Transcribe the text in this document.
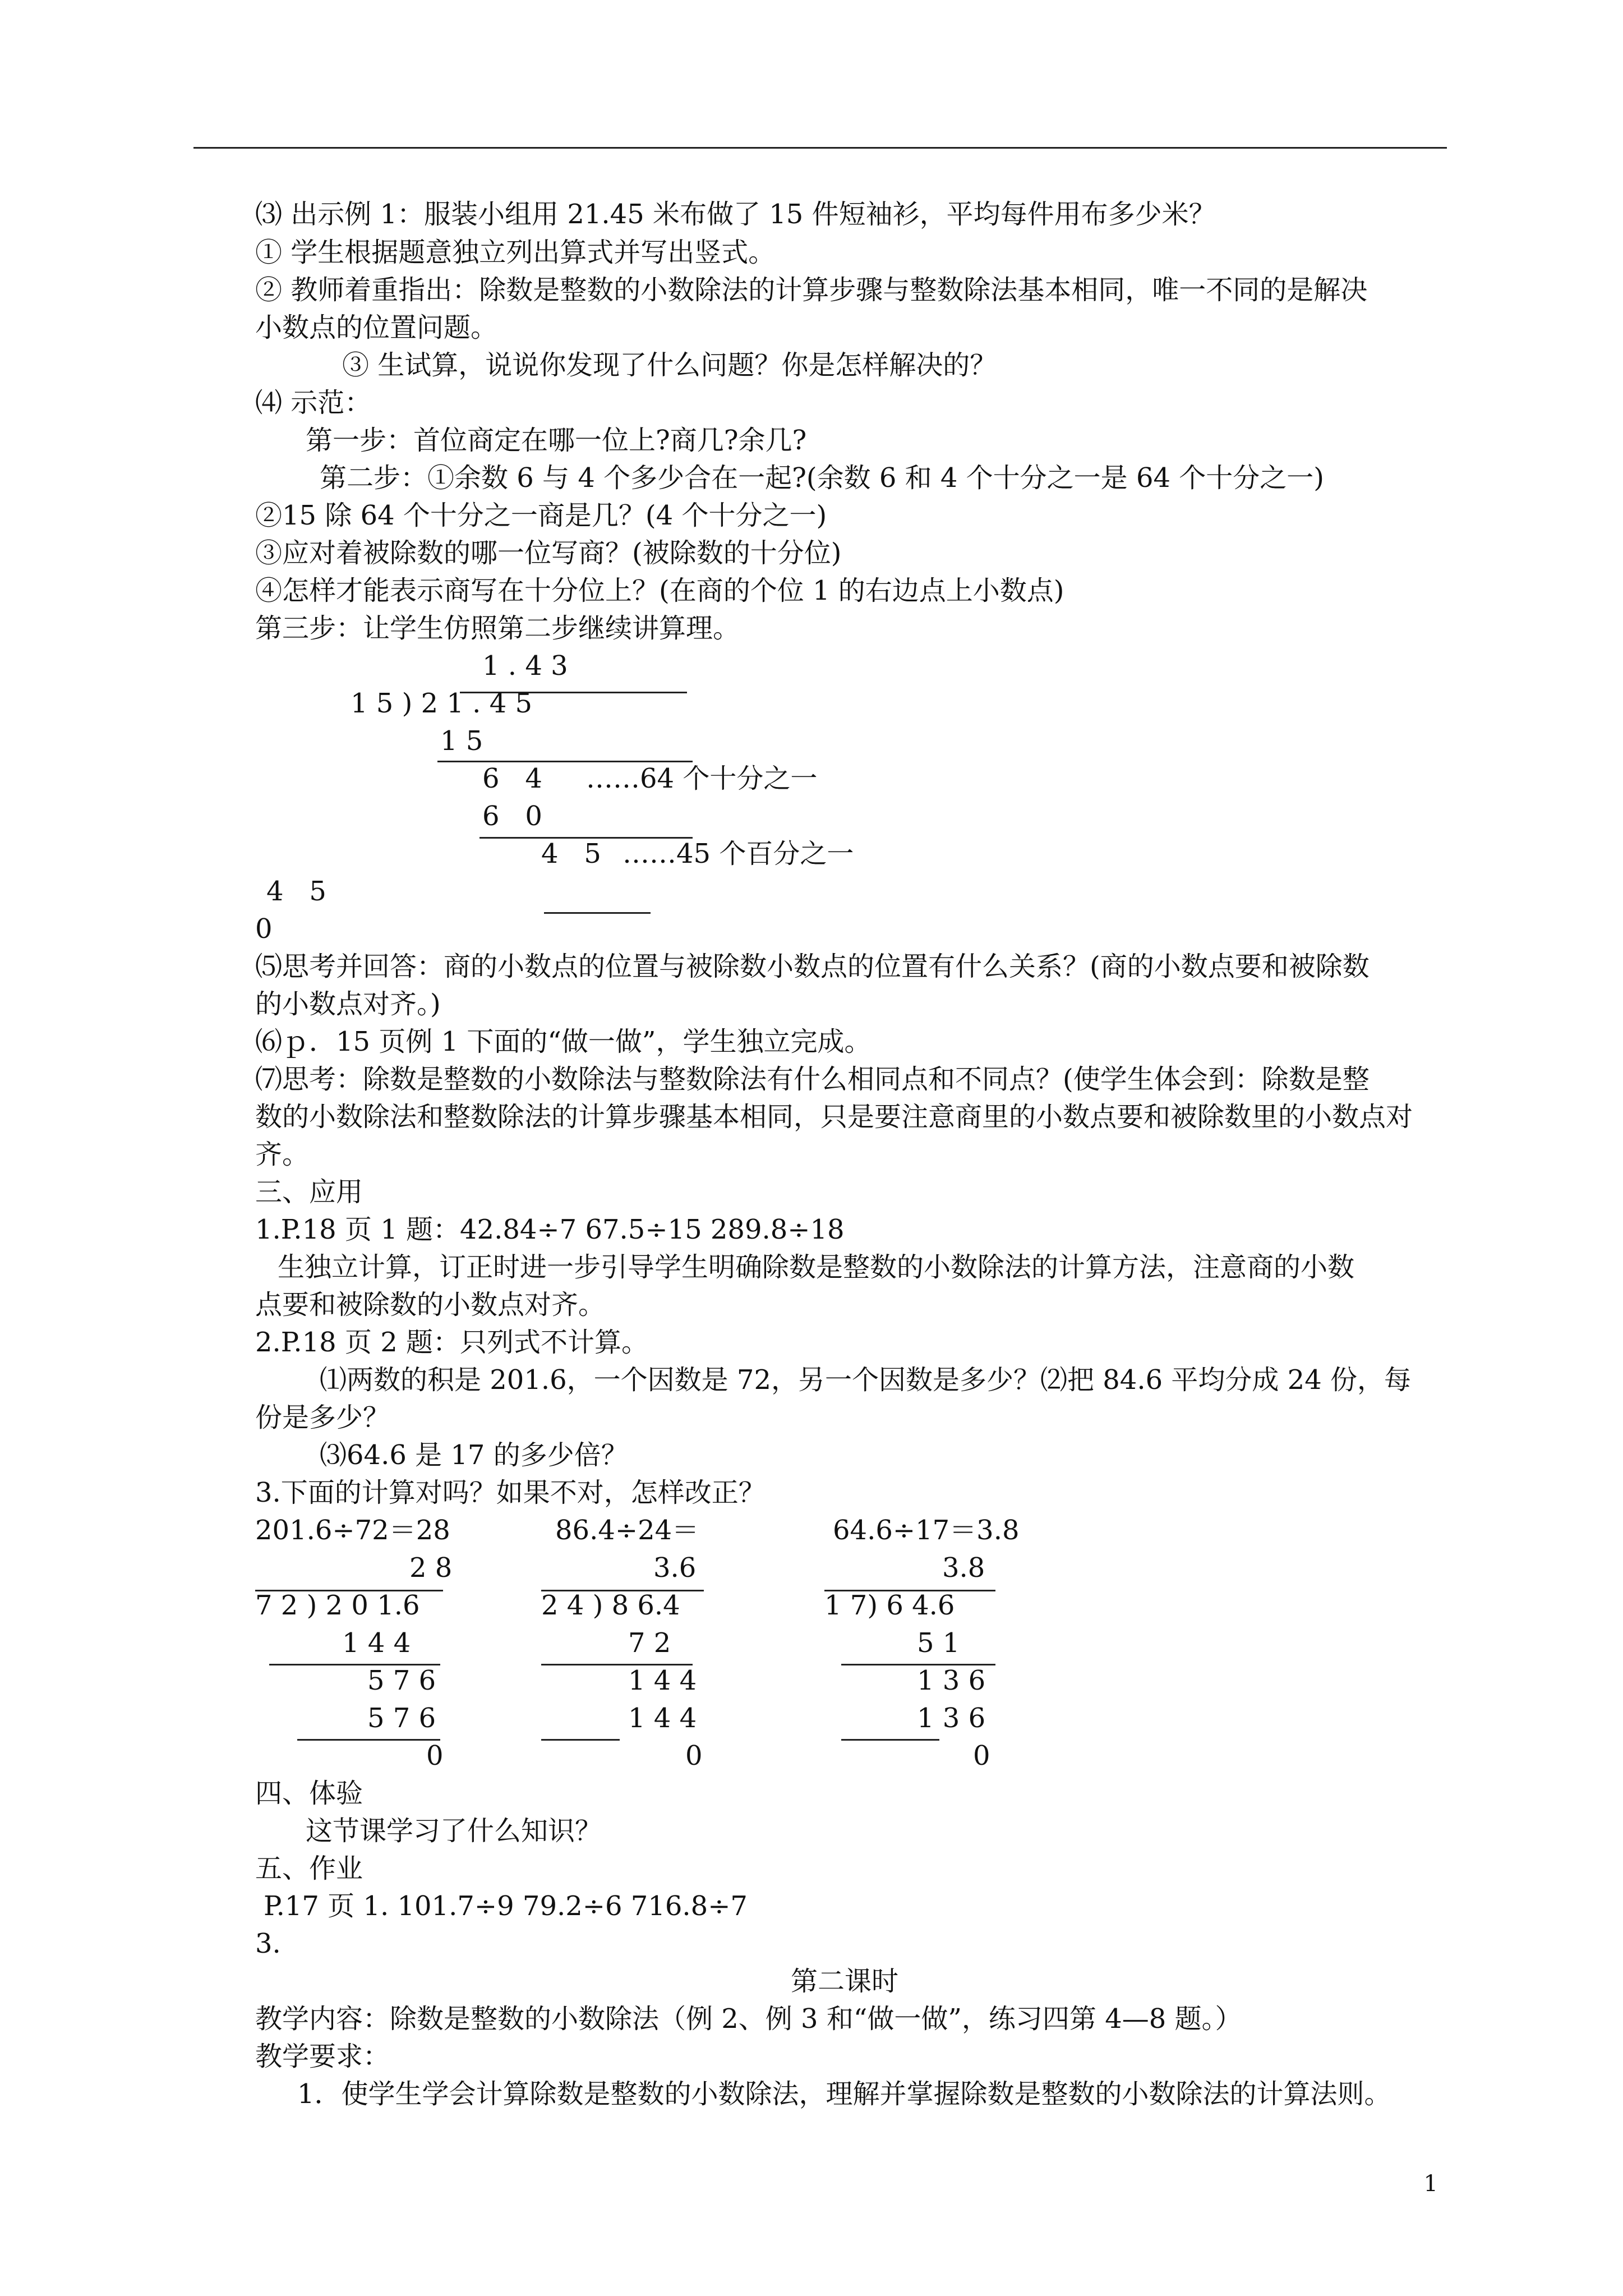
⑶ 出示例 1：服装小组用 21.45 米布做了 15 件短袖衫，平均每件用布多少米？
① 学生根据题意独立列出算式并写出竖式。
② 教师着重指出：除数是整数的小数除法的计算步骤与整数除法基本相同，唯一不同的是解决
小数点的位置问题。
③ 生试算，说说你发现了什么问题？你是怎样解决的？
⑷ 示范：
第一步：首位商定在哪一位上?商几?余几?
第二步：①余数 6 与 4 个多少合在一起?(余数 6 和 4 个十分之一是 64 个十分之一)
②15 除 64 个十分之一商是几？(4 个十分之一)
③应对着被除数的哪一位写商？(被除数的十分位)
④怎样才能表示商写在十分位上？(在商的个位 1 的右边点上小数点)
第三步：让学生仿照第二步继续讲算理。
1 . 4 3
1 5 ) 2 1 . 4 5
1 5
6   4 ……64 个十分之一
6   0
4   5 ……45 个百分之一
4   5
0
⑸思考并回答：商的小数点的位置与被除数小数点的位置有什么关系？(商的小数点要和被除数
的小数点对齐。)
⑹ｐ．15 页例 1 下面的“做一做”，学生独立完成。
⑺思考：除数是整数的小数除法与整数除法有什么相同点和不同点？(使学生体会到：除数是整
数的小数除法和整数除法的计算步骤基本相同，只是要注意商里的小数点要和被除数里的小数点对
齐。
三、应用
1.P.18 页 1 题：42.84÷7 67.5÷15 289.8÷18
生独立计算，订正时进一步引导学生明确除数是整数的小数除法的计算方法，注意商的小数
点要和被除数的小数点对齐。
2.P.18 页 2 题：只列式不计算。
⑴两数的积是 201.6，一个因数是 72，另一个因数是多少？⑵把 84.6 平均分成 24 份，每
份是多少？
⑶64.6 是 17 的多少倍？
3.下面的计算对吗？如果不对，怎样改正？
201.6÷72＝28
2 8
7 2 ) 2 0 1.6
1 4 4
5 7 6
5 7 6
0
86.4÷24＝
3.6
2 4 ) 8 6.4
7 2
1 4 4
1 4 4
0
64.6÷17＝3.8
3.8
1 7) 6 4.6
5 1
1 3 6
1 3 6
0
四、体验
这节课学习了什么知识？
五、作业
P.17 页 1. 101.7÷9 79.2÷6 716.8÷7
3.
第二课时
教学内容：除数是整数的小数除法（例 2、例 3 和“做一做”，练习四第 4—8 题。）
教学要求：
1．使学生学会计算除数是整数的小数除法，理解并掌握除数是整数的小数除法的计算法则。
1
